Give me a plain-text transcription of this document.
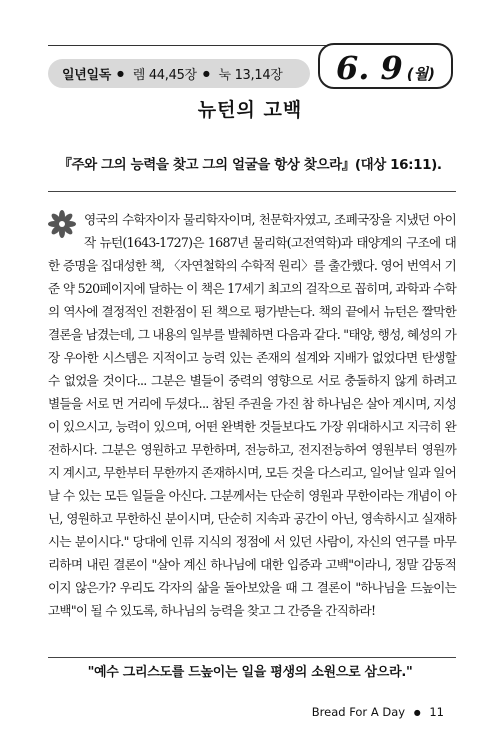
일년일독 ● 렘 44,45장 ● 눅 13,14장 6. 9 (월)
뉴턴의 고백
『주와 그의 능력을 찾고 그의 얼굴을 항상 찾으라』(대상 16:11).
영국의 수학자이자 물리학자이며, 천문학자였고, 조폐국장을 지냈던 아이작 뉴턴(1643-1727)은 1687년 물리학(고전역학)과 태양계의 구조에 대한 증명을 집대성한 책, 〈자연철학의 수학적 원리〉를 출간했다. 영어 번역서 기준 약 520페이지에 달하는 이 책은 17세기 최고의 걸작으로 꼽히며, 과학과 수학의 역사에 결정적인 전환점이 된 책으로 평가받는다. 책의 끝에서 뉴턴은 짤막한 결론을 남겼는데, 그 내용의 일부를 발췌하면 다음과 같다. "태양, 행성, 혜성의 가장 우아한 시스템은 지적이고 능력 있는 존재의 설계와 지배가 없었다면 탄생할 수 없었을 것이다... 그분은 별들이 중력의 영향으로 서로 충돌하지 않게 하려고 별들을 서로 먼 거리에 두셨다... 참된 주권을 가진 참 하나님은 살아 계시며, 지성이 있으시고, 능력이 있으며, 어떤 완벽한 것들보다도 가장 위대하시고 지극히 완전하시다. 그분은 영원하고 무한하며, 전능하고, 전지전능하여 영원부터 영원까지 계시고, 무한부터 무한까지 존재하시며, 모든 것을 다스리고, 일어날 일과 일어날 수 있는 모든 일들을 아신다. 그분께서는 단순히 영원과 무한이라는 개념이 아닌, 영원하고 무한하신 분이시며, 단순히 지속과 공간이 아닌, 영속하시고 실재하시는 분이시다." 당대에 인류 지식의 정점에 서 있던 사람이, 자신의 연구를 마무리하며 내린 결론이 "살아 계신 하나님에 대한 입증과 고백"이라니, 정말 감동적이지 않은가? 우리도 각자의 삶을 돌아보았을 때 그 결론이 "하나님을 드높이는 고백"이 될 수 있도록, 하나님의 능력을 찾고 그 간증을 간직하라!
"예수 그리스도를 드높이는 일을 평생의 소원으로 삼으라."
Bread For A Day ● 11
